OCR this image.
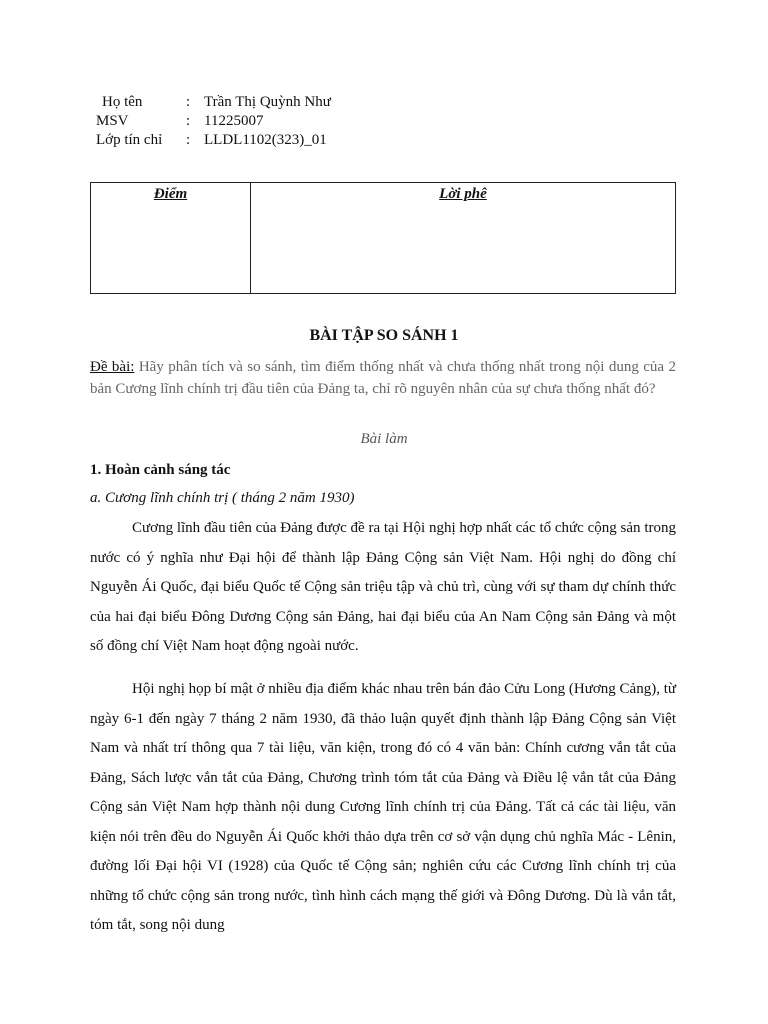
Họ tên	: Trần Thị Quỳnh Như
MSV	: 11225007
Lớp tín chỉ	: LLDL1102(323)_01
Điểm	Lời phê
BÀI TẬP SO SÁNH 1
Đề bài: Hãy phân tích và so sánh, tìm điểm thống nhất và chưa thống nhất trong nội dung của 2 bản Cương lĩnh chính trị đầu tiên của Đảng ta, chỉ rõ nguyên nhân của sự chưa thống nhất đó?
Bài làm
1. Hoàn cảnh sáng tác
a. Cương lĩnh chính trị ( tháng 2 năm 1930)
Cương lĩnh đầu tiên của Đảng được đề ra tại Hội nghị hợp nhất các tổ chức cộng sản trong nước có ý nghĩa như Đại hội để thành lập Đảng Cộng sản Việt Nam. Hội nghị do đồng chí Nguyễn Ái Quốc, đại biểu Quốc tế Cộng sản triệu tập và chủ trì, cùng với sự tham dự chính thức của hai đại biểu Đông Dương Cộng sản Đảng, hai đại biểu của An Nam Cộng sản Đảng và một số đồng chí Việt Nam hoạt động ngoài nước.
Hội nghị họp bí mật ở nhiều địa điểm khác nhau trên bán đảo Cửu Long (Hương Cảng), từ ngày 6-1 đến ngày 7 tháng 2 năm 1930, đã thảo luận quyết định thành lập Đảng Cộng sản Việt Nam và nhất trí thông qua 7 tài liệu, văn kiện, trong đó có 4 văn bản: Chính cương vắn tắt của Đảng, Sách lược vắn tắt của Đảng, Chương trình tóm tắt của Đảng và Điều lệ vắn tắt của Đảng Cộng sản Việt Nam hợp thành nội dung Cương lĩnh chính trị của Đảng. Tất cả các tài liệu, văn kiện nói trên đều do Nguyễn Ái Quốc khởi thảo dựa trên cơ sở vận dụng chủ nghĩa Mác - Lênin, đường lối Đại hội VI (1928) của Quốc tế Cộng sản; nghiên cứu các Cương lĩnh chính trị của những tổ chức cộng sản trong nước, tình hình cách mạng thế giới và Đông Dương. Dù là vắn tắt, tóm tắt, song nội dung
